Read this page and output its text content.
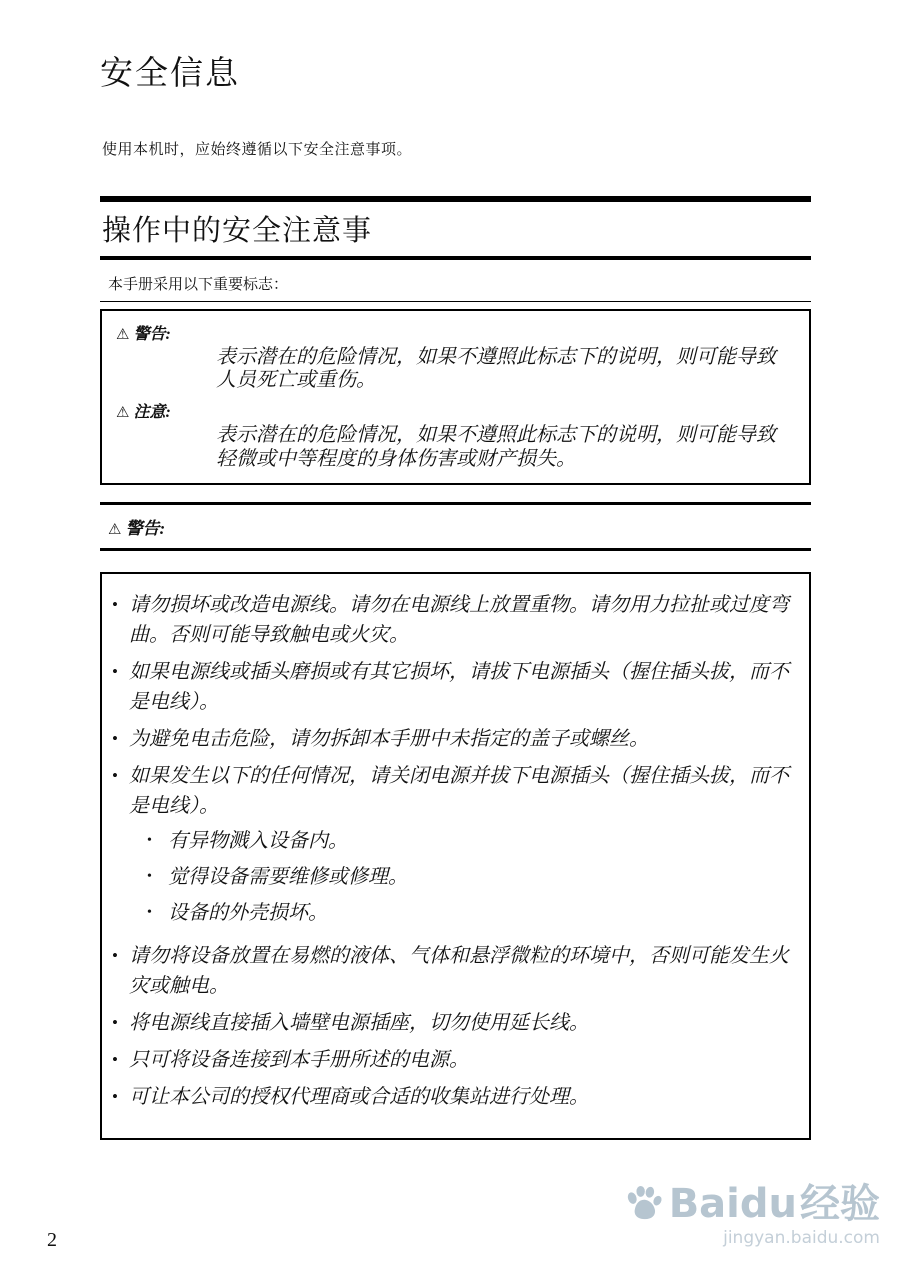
安全信息

使用本机时，应始终遵循以下安全注意事项。

操作中的安全注意事

本手册采用以下重要标志：

⚠ 警告:

表示潜在的危险情况，如果不遵照此标志下的说明，则可能导致人员死亡或重伤。

⚠ 注意:

表示潜在的危险情况，如果不遵照此标志下的说明，则可能导致轻微或中等程度的身体伤害或财产损失。

⚠ 警告:
• 请勿损坏或改造电源线。请勿在电源线上放置重物。请勿用力拉扯或过度弯曲。否则可能导致触电或火灾。
• 如果电源线或插头磨损或有其它损坏，请拔下电源插头（握住插头拔，而不是电线）。
• 为避免电击危险，请勿拆卸本手册中未指定的盖子或螺丝。
• 如果发生以下的任何情况，请关闭电源并拔下电源插头（握住插头拔，而不是电线）。
• 有异物溅入设备内。
• 觉得设备需要维修或修理。
• 设备的外壳损坏。
• 请勿将设备放置在易燃的液体、气体和悬浮微粒的环境中，否则可能发生火灾或触电。
• 将电源线直接插入墙壁电源插座，切勿使用延长线。
• 只可将设备连接到本手册所述的电源。
• 可让本公司的授权代理商或合适的收集站进行处理。
2
Baidu 经验
jingyan.baidu.com
